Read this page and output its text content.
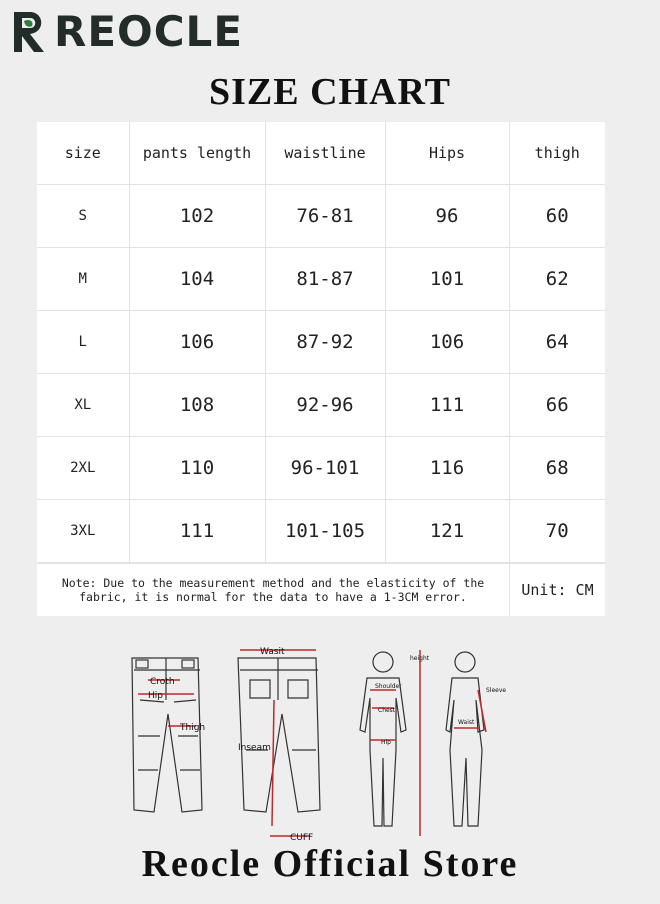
REOCLE
SIZE CHART
size	pants length	waistline	Hips	thigh
S	102	76-81	96	60
M	104	81-87	101	62
L	106	87-92	106	64
XL	108	92-96	111	66
2XL	110	96-101	116	68
3XL	111	101-105	121	70
Note: Due to the measurement method and the elasticity of the
fabric, it is normal for the data to have a 1-3CM error.	Unit: CM
Croth
Hip
Thigh
Wasit
Inseam
CUFF
height
Shoulder
Chest
Hip
Sleeve
Waist
Reocle Official Store
